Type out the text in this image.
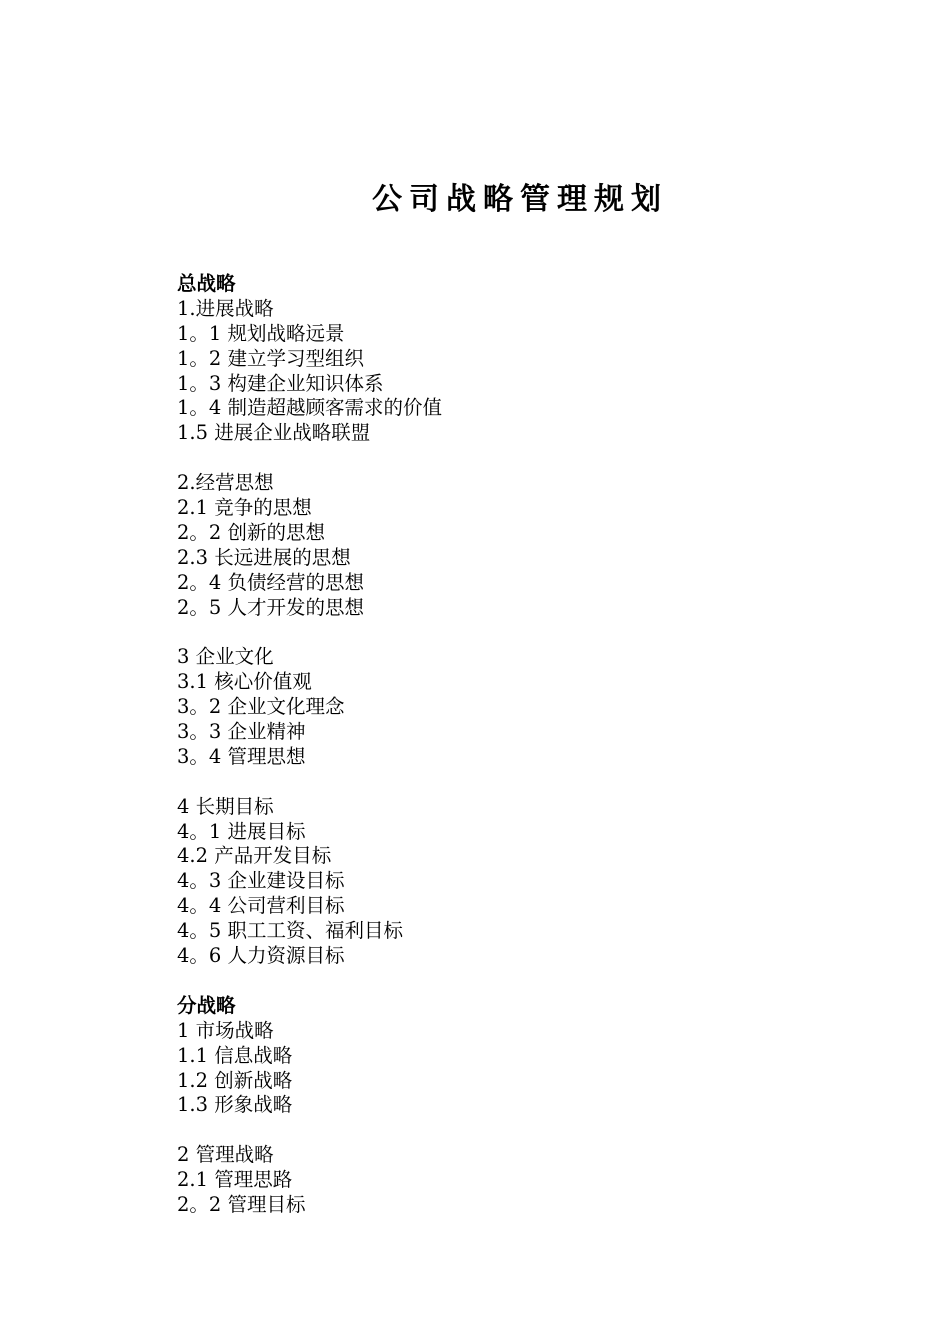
公司战略管理规划
总战略
1.进展战略
1。1 规划战略远景
1。2 建立学习型组织
1。3 构建企业知识体系
1。4 制造超越顾客需求的价值
1.5 进展企业战略联盟
2.经营思想
2.1 竞争的思想
2。2 创新的思想
2.3 长远进展的思想
2。4 负债经营的思想
2。5 人才开发的思想
3 企业文化
3.1 核心价值观
3。2 企业文化理念
3。3 企业精神
3。4 管理思想
4 长期目标
4。1 进展目标
4.2 产品开发目标
4。3 企业建设目标
4。4 公司营利目标
4。5 职工工资、福利目标
4。6 人力资源目标
分战略
1 市场战略
1.1 信息战略
1.2 创新战略
1.3 形象战略
2 管理战略
2.1 管理思路
2。2 管理目标
